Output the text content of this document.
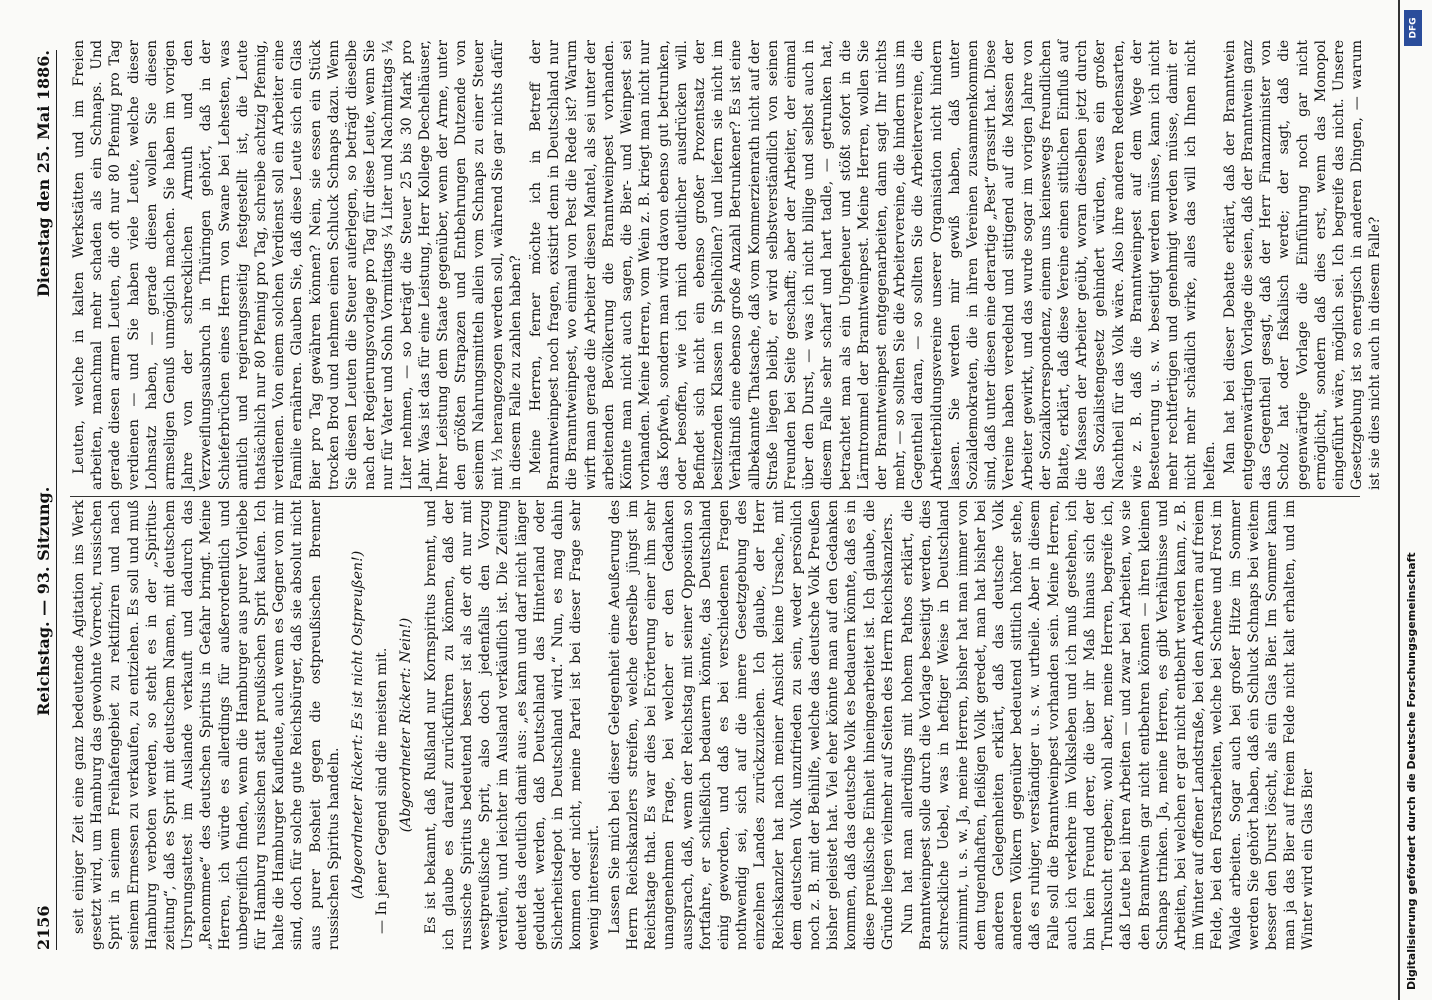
2156
Reichstag. — 93. Sitzung.
Dienstag den 25. Mai 1886.

seit einiger Zeit eine ganz bedeutende Agitation ins Werk gesetzt wird, um Hamburg das gewohnte Vorrecht, russischen Sprit in seinem Freihafengebiet zu rektifiziren und nach seinem Ermessen zu verkaufen, zu entziehen. Es soll und muß Hamburg verboten werden, so steht es in der „Spiritus-zeitung“, daß es Sprit mit deutschem Namen, mit deutschem Ursprungsattest im Auslande verkauft und dadurch das „Renommee“ des deutschen Spiritus in Gefahr bringt. Meine Herren, ich würde es allerdings für außerordentlich und unbegreiflich finden, wenn die Hamburger aus purer Vorliebe für Hamburg russischen statt preußischen Sprit kaufen. Ich halte die Hamburger Kaufleute, auch wenn es Gegner von mir sind, doch für solche gute Reichsbürger, daß sie absolut nicht aus purer Bosheit gegen die ostpreußischen Brenner russischen Spiritus handeln. (Abgeordneter Rickert: Es ist nicht Ostpreußen!) — In jener Gegend sind die meisten mit. (Abgeordneter Rickert: Nein!) Es ist bekannt, daß Rußland nur Kornspiritus brennt, und ich glaube es darauf zurückführen zu können, daß der russische Spiritus bedeutend besser ist als der oft nur mit westpreußische Sprit, also doch jedenfalls den Vorzug verdient, und leichter im Ausland verkäuflich ist. Die Zeitung deutet das deutlich damit aus: „es kann und darf nicht länger geduldet werden, daß Deutschland das Hinterland oder Sicherheitsdepot in Deutschland wird.“ Nun, es mag dahin kommen oder nicht, meine Partei ist bei dieser Frage sehr wenig interessirt. Lassen Sie mich bei dieser Gelegenheit eine Aeußerung des Herrn Reichskanzlers streifen, welche derselbe jüngst im Reichstage that. Es war dies bei Erörterung einer ihm sehr unangenehmen Frage, bei welcher er den Gedanken aussprach, daß, wenn der Reichstag mit seiner Opposition so fortfahre, er schließlich bedauern könnte, das Deutschland einig geworden, und daß es bei verschiedenen Fragen nothwendig sei, sich auf die innere Gesetzgebung des einzelnen Landes zurückzuziehen. Ich glaube, der Herr Reichskanzler hat nach meiner Ansicht keine Ursache, mit dem deutschen Volk unzufrieden zu sein, weder persönlich noch z. B. mit der Beihilfe, welche das deutsche Volk Preußen bisher geleistet hat. Viel eher könnte man auf den Gedanken kommen, daß das deutsche Volk es bedauern könnte, daß es in diese preußische Einheit hineingearbeitet ist. Ich glaube, die Gründe liegen vielmehr auf Seiten des Herrn Reichskanzlers. Nun hat man allerdings mit hohem Pathos erklärt, die Branntweinpest solle durch die Vorlage beseitigt werden, dies schreckliche Uebel, was in heftiger Weise in Deutschland zunimmt, u. s. w. Ja, meine Herren, bisher hat man immer von dem tugendhaften, fleißigen Volk geredet, man hat bisher bei anderen Gelegenheiten erklärt, daß das deutsche Volk anderen Völkern gegenüber bedeutend sittlich höher stehe, daß es ruhiger, verständiger u. s. w. urtheile. Aber in diesem Falle soll die Branntweinpest vorhanden sein. Meine Herren, auch ich verkehre im Volksleben und ich muß gestehen, ich bin kein Freund derer, die über ihr Maß hinaus sich der Trunksucht ergeben; wohl aber, meine Herren, begreife ich, daß Leute bei ihren Arbeiten — und zwar bei Arbeiten, wo sie den Branntwein gar nicht entbehren können — ihren kleinen Schnaps trinken. Ja, meine Herren, es gibt Verhältnisse und Arbeiten, bei welchen er gar nicht entbehrt werden kann, z. B. im Winter auf offener Landstraße, bei den Arbeitern auf freiem Felde, bei den Forstarbeiten, welche bei Schnee und Frost im Walde arbeiten. Sogar auch bei großer Hitze im Sommer werden Sie gehört haben, daß ein Schluck Schnaps bei weitem besser den Durst löscht, als ein Glas Bier. Im Sommer kann man ja das Bier auf freiem Felde nicht kalt erhalten, und im Winter wird ein Glas Bier

Leuten, welche in kalten Werkstätten und im Freien arbeiten, manchmal mehr schaden als ein Schnaps. Und gerade diesen armen Leuten, die oft nur 80 Pfennig pro Tag verdienen — und Sie haben viele Leute, welche dieser Lohnsatz haben, — gerade diesen wollen Sie diesen armseligen Genuß unmöglich machen. Sie haben im vorigen Jahre von der schrecklichen Armuth und den Verzweiflungsausbruch in Thüringen gehört, daß in der Schieferbrüchen eines Herrn von Swane bei Lehesten, was amtlich und regierungsseitig festgestellt ist, die Leute thatsächlich nur 80 Pfennig pro Tag, schreibe achtzig Pfennig, verdienen. Von einem solchen Verdienst soll ein Arbeiter eine Familie ernähren. Glauben Sie, daß diese Leute sich ein Glas Bier pro Tag gewähren können? Nein, sie essen ein Stück trocken Brod und nehmen einen Schluck Schnaps dazu. Wenn Sie diesen Leuten die Steuer auferlegen, so beträgt dieselbe nach der Regierungsvorlage pro Tag für diese Leute, wenn Sie nur für Vater und Sohn Vormittags ¼ Liter und Nachmittags ¼ Liter nehmen, — so beträgt die Steuer 25 bis 30 Mark pro Jahr. Was ist das für eine Leistung, Herr Kollege Dechelhäuser, Ihrer Leistung dem Staate gegenüber, wenn der Arme, unter den größten Strapazen und Entbehrungen Dutzende von seinem Nahrungsmitteln allein vom Schnaps zu einer Steuer mit ⅓ herangezogen werden soll, während Sie gar nichts dafür in diesem Falle zu zahlen haben? Meine Herren, ferner möchte ich in Betreff der Branntweinpest noch fragen, existirt denn in Deutschland nur die Branntweinpest, wo einmal von Pest die Rede ist? Warum wirft man gerade die Arbeiter diesen Mantel, als sei unter der arbeitenden Bevölkerung die Branntweinpest vorhanden. Könnte man nicht auch sagen, die Bier- und Weinpest sei vorhanden. Meine Herren, vom Wein z. B. kriegt man nicht nur das Kopfweh, sondern man wird davon ebenso gut betrunken, oder besoffen, wie ich mich deutlicher ausdrücken will. Befindet sich nicht ein ebenso großer Prozentsatz der besitzenden Klassen in Spielhöllen? und liefern sie nicht im Verhältniß eine ebenso große Anzahl Betrunkener? Es ist eine allbekannte Thatsache, daß vom Kommerzienrath nicht auf der Straße liegen bleibt, er wird selbstverständlich von seinen Freunden bei Seite geschafft; aber der Arbeiter, der einmal über den Durst, — was ich nicht billige und selbst auch in diesem Falle sehr scharf und hart tadle, — getrunken hat, betrachtet man als ein Ungeheuer und stößt sofort in die Lärmtrommel der Branntweinpest. Meine Herren, wollen Sie der Branntweinpest entgegenarbeiten, dann sagt Ihr nichts mehr, — so sollten Sie die Arbeitervereine, die hindern uns im Gegentheil daran, — so sollten Sie die Arbeitervereine, die Arbeiterbildungsvereine unserer Organisation nicht hindern lassen. Sie werden mir gewiß haben, daß unter Sozialdemokraten, die in ihren Vereinen zusammenkommen sind, daß unter diesen eine derartige „Pest“ grassirt hat. Diese Vereine haben veredelnd und sittigend auf die Massen der Arbeiter gewirkt, und das wurde sogar im vorigen Jahre von der Sozialkorrespondenz, einem uns keineswegs freundlichen Blatte, erklärt, daß diese Vereine einen sittlichen Einfluß auf die Massen der Arbeiter geübt, woran dieselben jetzt durch das Sozialistengesetz gehindert würden, was ein großer Nachtheil für das Volk wäre. Also ihre anderen Redensarten, wie z. B. daß die Branntweinpest auf dem Wege der Besteuerung u. s. w. beseitigt werden müsse, kann ich nicht mehr rechtfertigen und genehmigt werden müsse, damit er nicht mehr schädlich wirke, alles das will ich Ihnen nicht helfen. Man hat bei dieser Debatte erklärt, daß der Branntwein entgegenwärtigen Vorlage die seien, daß der Branntwein ganz das Gegentheil gesagt, daß der Herr Finanzminister von Scholz hat oder fiskalisch werde; der sagt, daß die gegenwärtige Vorlage die Einführung noch gar nicht ermöglicht, sondern daß dies erst, wenn das Monopol eingeführt wäre, möglich sei. Ich begreife das nicht. Unsere Gesetzgebung ist so energisch in anderen Dingen, — warum ist sie dies nicht auch in diesem Falle?

Digitalisierung gefördert durch die Deutsche Forschungsgemeinschaft
DFG
